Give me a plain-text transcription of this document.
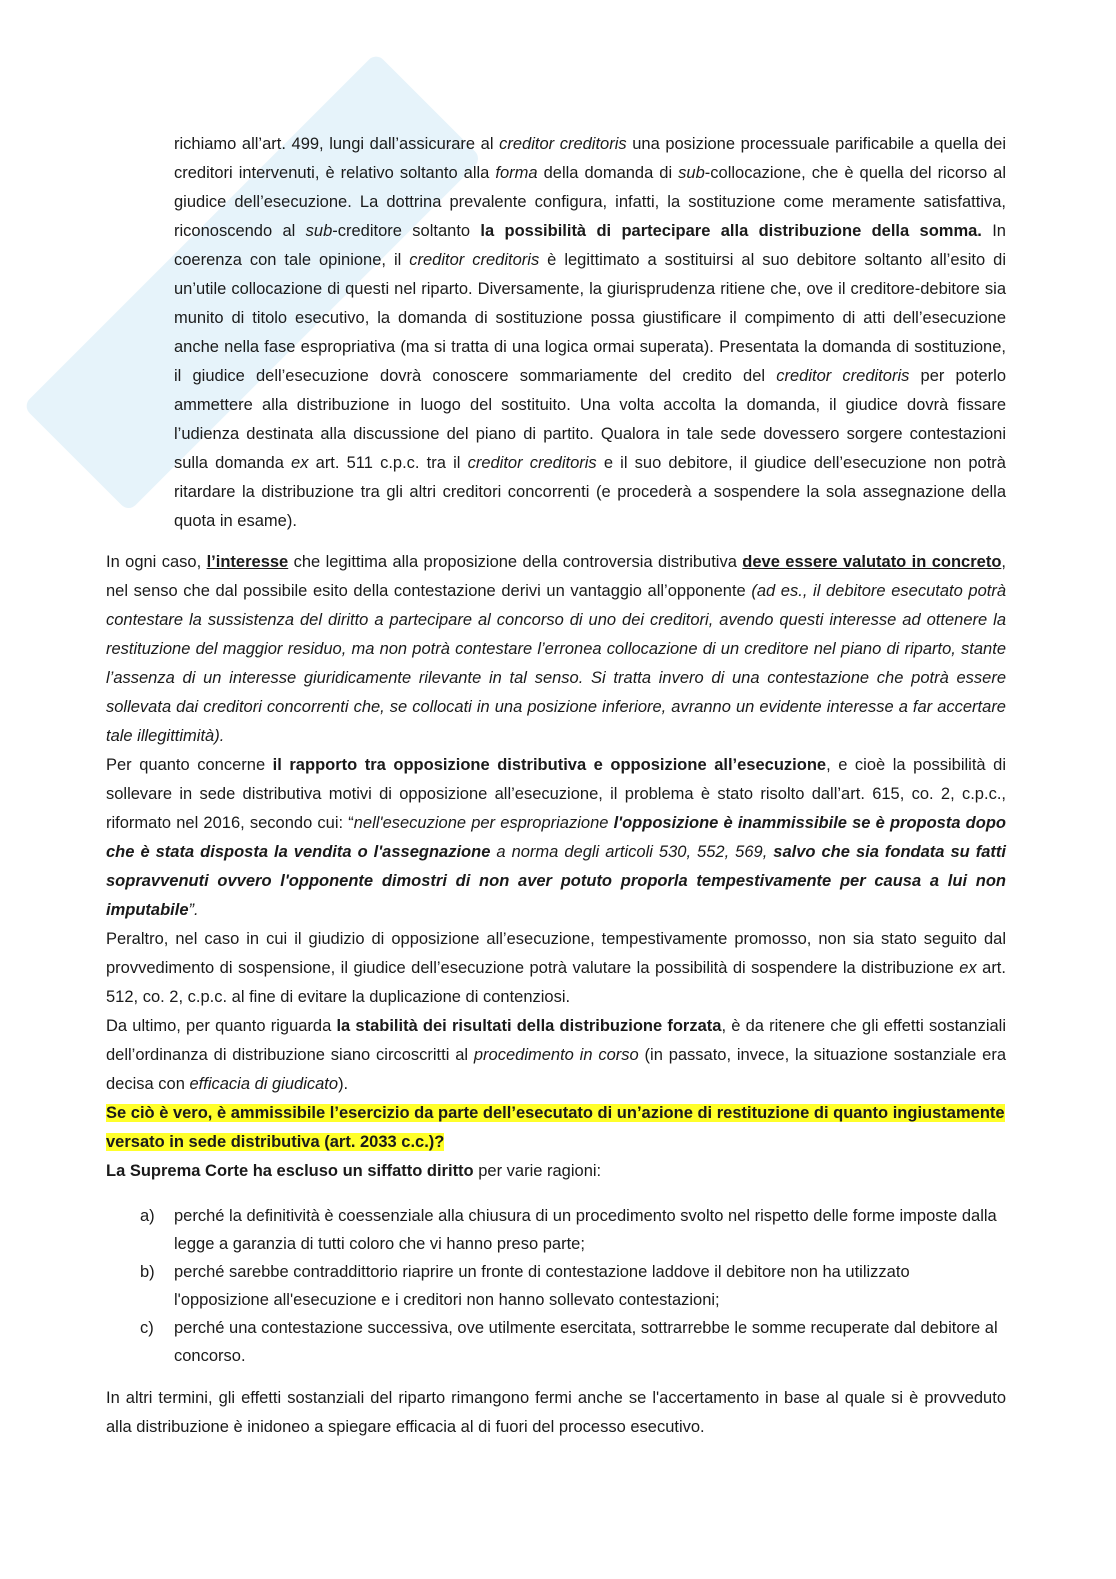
richiamo all’art. 499, lungi dall’assicurare al creditor creditoris una posizione processuale parificabile a quella dei creditori intervenuti, è relativo soltanto alla forma della domanda di sub-collocazione, che è quella del ricorso al giudice dell’esecuzione. La dottrina prevalente configura, infatti, la sostituzione come meramente satisfattiva, riconoscendo al sub-creditore soltanto la possibilità di partecipare alla distribuzione della somma. In coerenza con tale opinione, il creditor creditoris è legittimato a sostituirsi al suo debitore soltanto all’esito di un’utile collocazione di questi nel riparto. Diversamente, la giurisprudenza ritiene che, ove il creditore-debitore sia munito di titolo esecutivo, la domanda di sostituzione possa giustificare il compimento di atti dell’esecuzione anche nella fase espropriativa (ma si tratta di una logica ormai superata). Presentata la domanda di sostituzione, il giudice dell’esecuzione dovrà conoscere sommariamente del credito del creditor creditoris per poterlo ammettere alla distribuzione in luogo del sostituito. Una volta accolta la domanda, il giudice dovrà fissare l’udienza destinata alla discussione del piano di partito. Qualora in tale sede dovessero sorgere contestazioni sulla domanda ex art. 511 c.p.c. tra il creditor creditoris e il suo debitore, il giudice dell’esecuzione non potrà ritardare la distribuzione tra gli altri creditori concorrenti (e procederà a sospendere la sola assegnazione della quota in esame).

In ogni caso, l’interesse che legittima alla proposizione della controversia distributiva deve essere valutato in concreto, nel senso che dal possibile esito della contestazione derivi un vantaggio all’opponente (ad es., il debitore esecutato potrà contestare la sussistenza del diritto a partecipare al concorso di uno dei creditori, avendo questi interesse ad ottenere la restituzione del maggior residuo, ma non potrà contestare l’erronea collocazione di un creditore nel piano di riparto, stante l’assenza di un interesse giuridicamente rilevante in tal senso. Si tratta invero di una contestazione che potrà essere sollevata dai creditori concorrenti che, se collocati in una posizione inferiore, avranno un evidente interesse a far accertare tale illegittimità).

Per quanto concerne il rapporto tra opposizione distributiva e opposizione all’esecuzione, e cioè la possibilità di sollevare in sede distributiva motivi di opposizione all’esecuzione, il problema è stato risolto dall’art. 615, co. 2, c.p.c., riformato nel 2016, secondo cui: “nell'esecuzione per espropriazione l'opposizione è inammissibile se è proposta dopo che è stata disposta la vendita o l'assegnazione a norma degli articoli 530, 552, 569, salvo che sia fondata su fatti sopravvenuti ovvero l'opponente dimostri di non aver potuto proporla tempestivamente per causa a lui non imputabile”.

Peraltro, nel caso in cui il giudizio di opposizione all’esecuzione, tempestivamente promosso, non sia stato seguito dal provvedimento di sospensione, il giudice dell’esecuzione potrà valutare la possibilità di sospendere la distribuzione ex art. 512, co. 2, c.p.c. al fine di evitare la duplicazione di contenziosi.

Da ultimo, per quanto riguarda la stabilità dei risultati della distribuzione forzata, è da ritenere che gli effetti sostanziali dell’ordinanza di distribuzione siano circoscritti al procedimento in corso (in passato, invece, la situazione sostanziale era decisa con efficacia di giudicato).

Se ciò è vero, è ammissibile l’esercizio da parte dell’esecutato di un’azione di restituzione di quanto ingiustamente versato in sede distributiva (art. 2033 c.c.)?

La Suprema Corte ha escluso un siffatto diritto per varie ragioni:

a) perché la definitività è coessenziale alla chiusura di un procedimento svolto nel rispetto delle forme imposte dalla legge a garanzia di tutti coloro che vi hanno preso parte;
b) perché sarebbe contraddittorio riaprire un fronte di contestazione laddove il debitore non ha utilizzato l'opposizione all'esecuzione e i creditori non hanno sollevato contestazioni;
c) perché una contestazione successiva, ove utilmente esercitata, sottrarrebbe le somme recuperate dal debitore al concorso.

In altri termini, gli effetti sostanziali del riparto rimangono fermi anche se l'accertamento in base al quale si è provveduto alla distribuzione è inidoneo a spiegare efficacia al di fuori del processo esecutivo.
